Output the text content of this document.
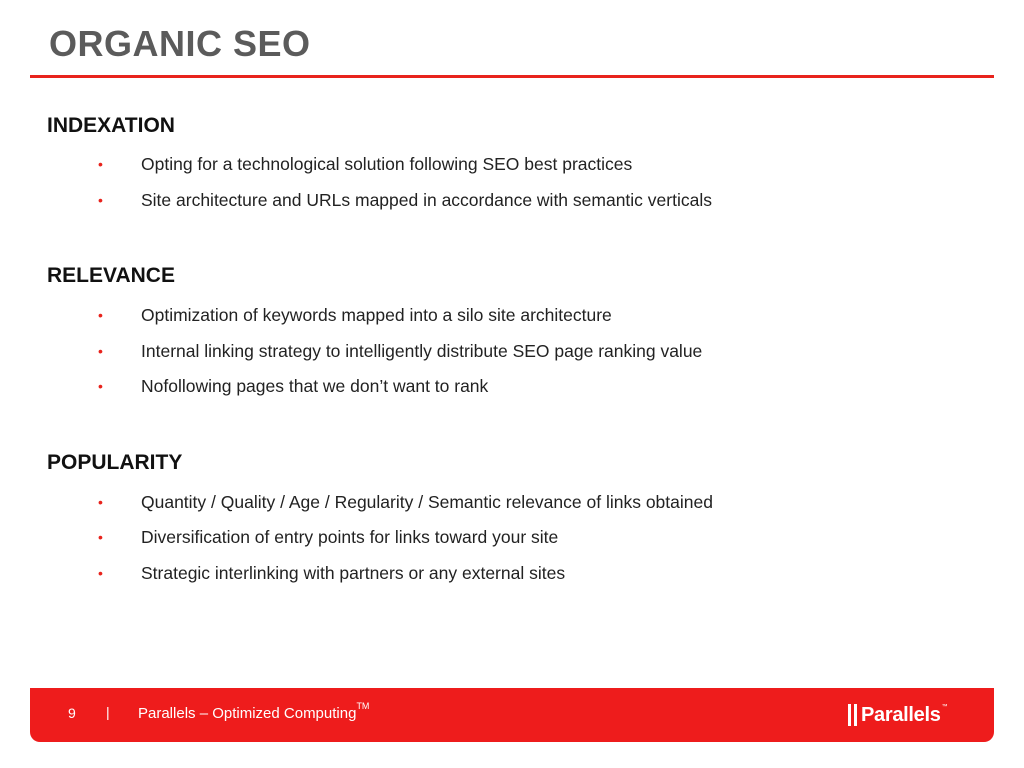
ORGANIC SEO
INDEXATION
• Opting for a technological solution following SEO best practices
• Site architecture and URLs mapped in accordance with semantic verticals
RELEVANCE
• Optimization of keywords mapped into a silo site architecture
• Internal linking strategy to intelligently distribute SEO page ranking value
• Nofollowing pages that we don’t want to rank
POPULARITY
• Quantity / Quality / Age / Regularity / Semantic relevance of links obtained
• Diversification of entry points for links toward your site
• Strategic interlinking with partners or any external sites
9 | Parallels – Optimized Computing™	Parallels ™
